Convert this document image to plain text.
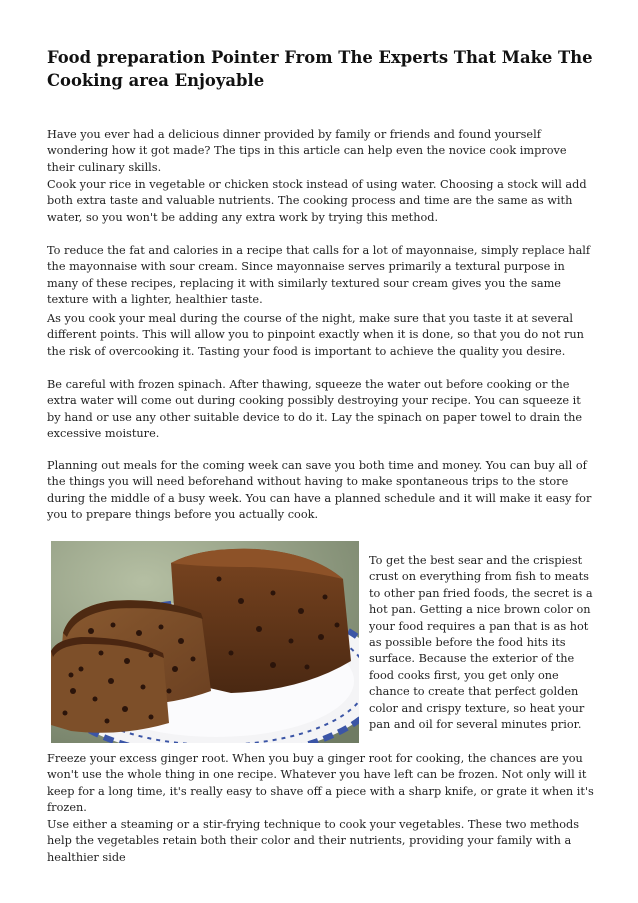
Food preparation Pointer From The Experts That Make The Cooking area Enjoyable

Have you ever had a delicious dinner provided by family or friends and found yourself wondering how it got made? The tips in this article can help even the novice cook improve their culinary skills.

Cook your rice in vegetable or chicken stock instead of using water. Choosing a stock will add both extra taste and valuable nutrients. The cooking process and time are the same as with water, so you won't be adding any extra work by trying this method.

To reduce the fat and calories in a recipe that calls for a lot of mayonnaise, simply replace half the mayonnaise with sour cream. Since mayonnaise serves primarily a textural purpose in many of these recipes, replacing it with similarly textured sour cream gives you the same texture with a lighter, healthier taste.

As you cook your meal during the course of the night, make sure that you taste it at several different points. This will allow you to pinpoint exactly when it is done, so that you do not run the risk of overcooking it. Tasting your food is important to achieve the quality you desire.

Be careful with frozen spinach. After thawing, squeeze the water out before cooking or the extra water will come out during cooking possibly destroying your recipe. You can squeeze it by hand or use any other suitable device to do it. Lay the spinach on paper towel to drain the excessive moisture.

Planning out meals for the coming week can save you both time and money. You can buy all of the things you will need beforehand without having to make spontaneous trips to the store during the middle of a busy week. You can have a planned schedule and it will make it easy for you to prepare things before you actually cook.

To get the best sear and the crispiest crust on everything from fish to meats to other pan fried foods, the secret is a hot pan. Getting a nice brown color on your food requires a pan that is as hot as possible before the food hits its surface. Because the exterior of the food cooks first, you get only one chance to create that perfect golden color and crispy texture, so heat your pan and oil for several minutes prior.

Freeze your excess ginger root. When you buy a ginger root for cooking, the chances are you won't use the whole thing in one recipe. Whatever you have left can be frozen. Not only will it keep for a long time, it's really easy to shave off a piece with a sharp knife, or grate it when it's frozen.

Use either a steaming or a stir-frying technique to cook your vegetables. These two methods help the vegetables retain both their color and their nutrients, providing your family with a healthier side
